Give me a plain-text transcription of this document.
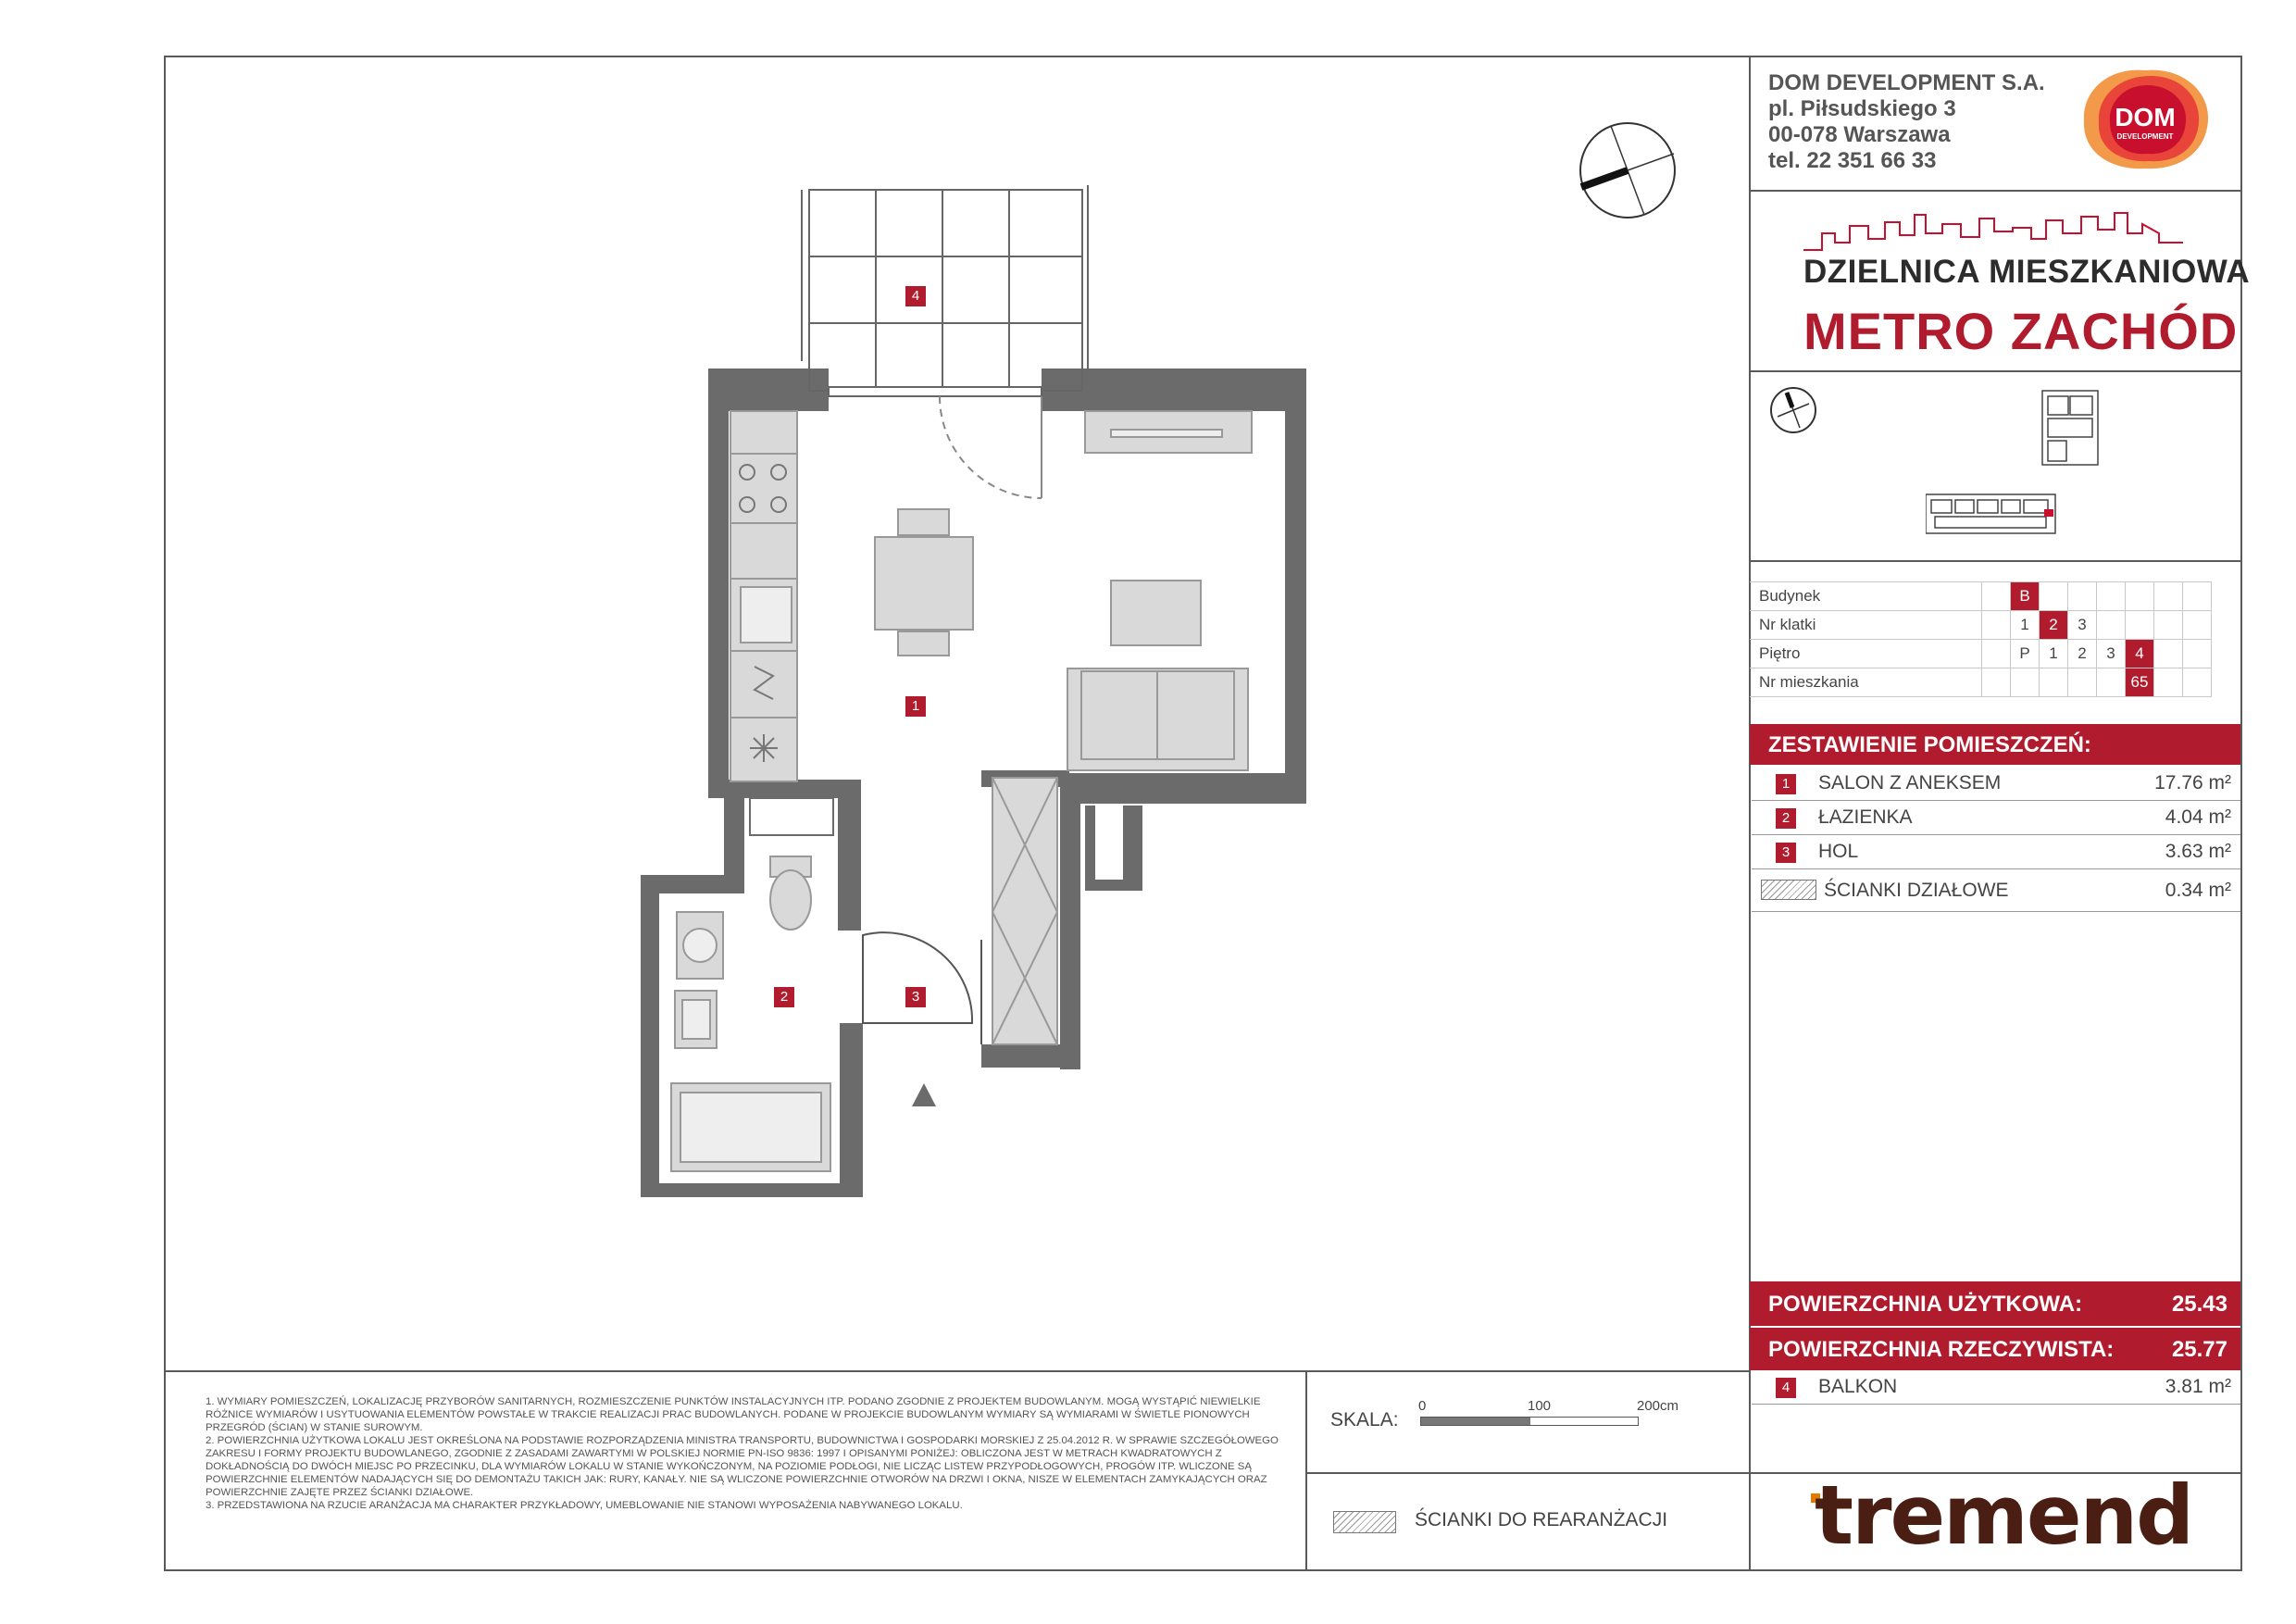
DOM DEVELOPMENT S.A.
pl. Piłsudskiego 3
00-078 Warszawa
tel. 22 351 66 33
DOM
DEVELOPMENT
DZIELNICA MIESZKANIOWA
METRO ZACHÓD
Budynek		B						
Nr klatki		1	2	3				
Piętro		P	1	2	3	4		
Nr mieszkania						65		
ZESTAWIENIE POMIESZCZEŃ:
1	SALON Z ANEKSEM	17.76 m²
2	ŁAZIENKA	4.04 m²
3	HOL	3.63 m²
ŚCIANKI DZIAŁOWE	0.34 m²
POWIERZCHNIA UŻYTKOWA:	25.43
POWIERZCHNIA RZECZYWISTA:	25.77
4	BALKON	3.81 m²

1. WYMIARY POMIESZCZEŃ, LOKALIZACJĘ PRZYBORÓW SANITARNYCH, ROZMIESZCZENIE PUNKTÓW INSTALACYJNYCH ITP. PODANO ZGODNIE Z PROJEKTEM BUDOWLANYM. MOGĄ WYSTĄPIĆ NIEWIELKIE RÓŻNICE WYMIARÓW I USYTUOWANIA ELEMENTÓW POWSTAŁE W TRAKCIE REALIZACJI PRAC BUDOWLANYCH. PODANE W PROJEKCIE BUDOWLANYM WYMIARY SĄ WYMIARAMI W ŚWIETLE PIONOWYCH PRZEGRÓD (ŚCIAN) W STANIE SUROWYM.

2. POWIERZCHNIA UŻYTKOWA LOKALU JEST OKREŚLONA NA PODSTAWIE ROZPORZĄDZENIA MINISTRA TRANSPORTU, BUDOWNICTWA I GOSPODARKI MORSKIEJ Z 25.04.2012 R. W SPRAWIE SZCZEGÓŁOWEGO ZAKRESU I FORMY PROJEKTU BUDOWLANEGO, ZGODNIE Z ZASADAMI ZAWARTYMI W POLSKIEJ NORMIE PN-ISO 9836: 1997 I OPISANYMI PONIŻEJ: OBLICZONA JEST W METRACH KWADRATOWYCH Z DOKŁADNOŚCIĄ DO DWÓCH MIEJSC PO PRZECINKU, DLA WYMIARÓW LOKALU W STANIE WYKOŃCZONYM, NA POZIOMIE PODŁOGI, NIE LICZĄC LISTEW PRZYPODŁOGOWYCH, PROGÓW ITP. WLICZONE SĄ POWIERZCHNIE ELEMENTÓW NADAJĄCYCH SIĘ DO DEMONTAŻU TAKICH JAK: RURY, KANAŁY. NIE SĄ WLICZONE POWIERZCHNIE OTWORÓW NA DRZWI I OKNA, NISZE W ELEMENTACH ZAMYKAJĄCYCH ORAZ POWIERZCHNIE ZAJĘTE PRZEZ ŚCIANKI DZIAŁOWE.

3. PRZEDSTAWIONA NA RZUCIE ARANŻACJA MA CHARAKTER PRZYKŁADOWY, UMEBLOWANIE NIE STANOWI WYPOSAŻENIA NABYWANEGO LOKALU.

SKALA:
0	100	200cm
ŚCIANKI DO REARANŻACJI tremend
1
2	3
4
